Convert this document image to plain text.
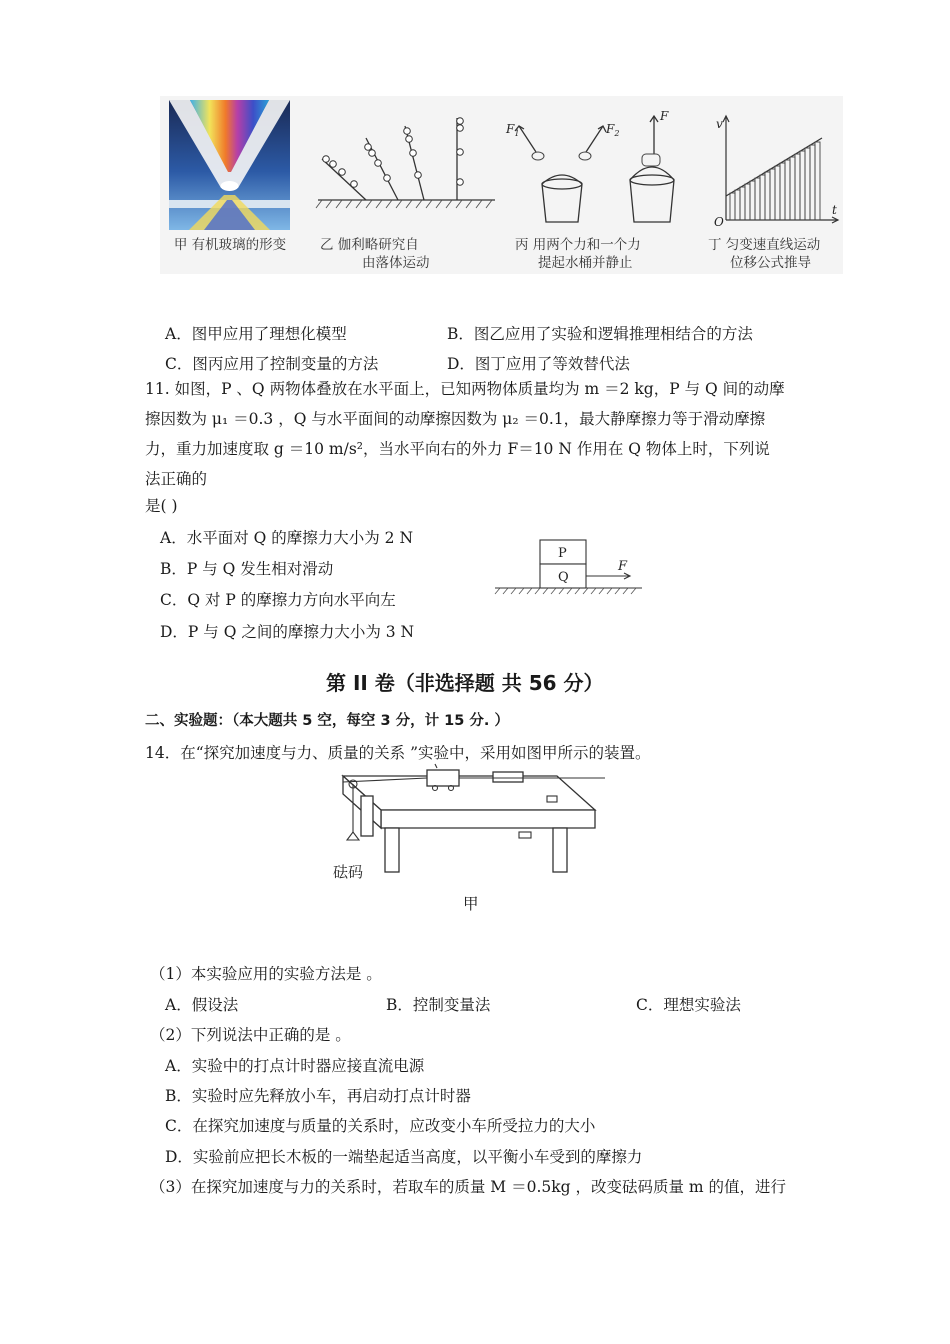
甲 有机玻璃的形变	乙 伽利略研究自
由落体运动
$F_1$	$F_2$
F
丙 用两个力和一个力
提起水桶并静止
v
t
O
丁 匀变速直线运动
位移公式推导
A．图甲应用了理想化模型	B．图乙应用了实验和逻辑推理相结合的方法
C．图丙应用了控制变量的方法	D．图丁应用了等效替代法
11. 如图，P 、Q 两物体叠放在水平面上，已知两物体质量均为 m ＝2 kg，P 与 Q 间的动摩
擦因数为 μ₁ ＝0.3 ，Q 与水平面间的动摩擦因数为 μ₂ ＝0.1，最大静摩擦力等于滑动摩擦
力，重力加速度取 g ＝10 m/s²，当水平向右的外力 F＝10 N 作用在 Q 物体上时，下列说
法正确的
是( )
A．水平面对 Q 的摩擦力大小为 2 N
B．P 与 Q 发生相对滑动
C．Q 对 P 的摩擦力方向水平向左
D．P 与 Q 之间的摩擦力大小为 3 N
P
Q
F
第 II 卷（非选择题 共 56 分）
二、实验题：（本大题共 5 空，每空 3 分，计 15 分. ）
14．在“探究加速度与力、质量的关系 ”实验中，采用如图甲所示的装置。
砝码
甲
（1）本实验应用的实验方法是 。
A．假设法	B．控制变量法	C．理想实验法
（2）下列说法中正确的是 。
A．实验中的打点计时器应接直流电源
B．实验时应先释放小车，再启动打点计时器
C．在探究加速度与质量的关系时，应改变小车所受拉力的大小
D．实验前应把长木板的一端垫起适当高度，以平衡小车受到的摩擦力
（3）在探究加速度与力的关系时，若取车的质量 M ＝0.5kg ，改变砝码质量 m 的值，进行
